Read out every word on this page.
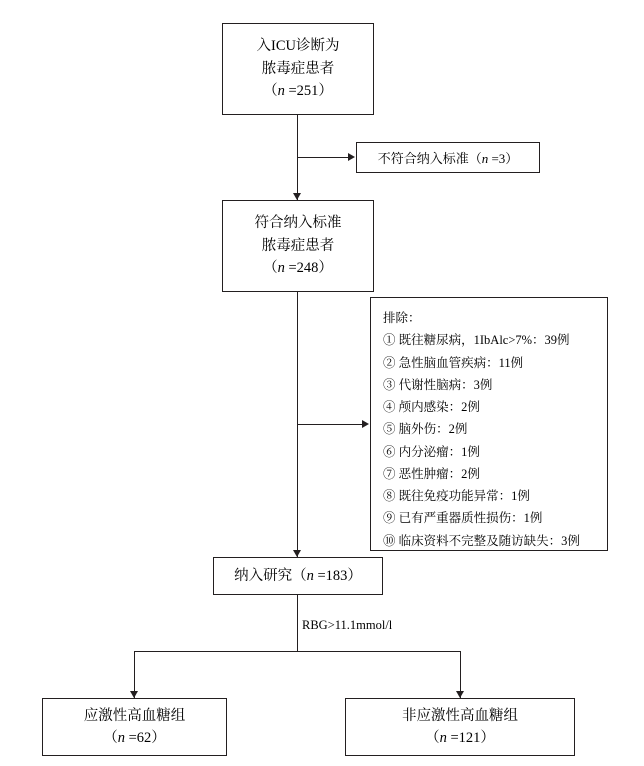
入ICU诊断为
脓毒症患者
（n =251）
不符合纳入标准（n =3）
符合纳入标准
脓毒症患者
（n =248）
排除：
① 既往糖尿病，1IbAlc>7%：39例
② 急性脑血管疾病：11例
③ 代谢性脑病：3例
④ 颅内感染：2例
⑤ 脑外伤：2例
⑥ 内分泌瘤：1例
⑦ 恶性肿瘤：2例
⑧ 既往免疫功能异常：1例
⑨ 已有严重器质性损伤：1例
⑩ 临床资料不完整及随访缺失：3例
纳入研究（n =183）
RBG>11.1mmol/l
应激性高血糖组
（n =62）
非应激性高血糖组
（n =121）
